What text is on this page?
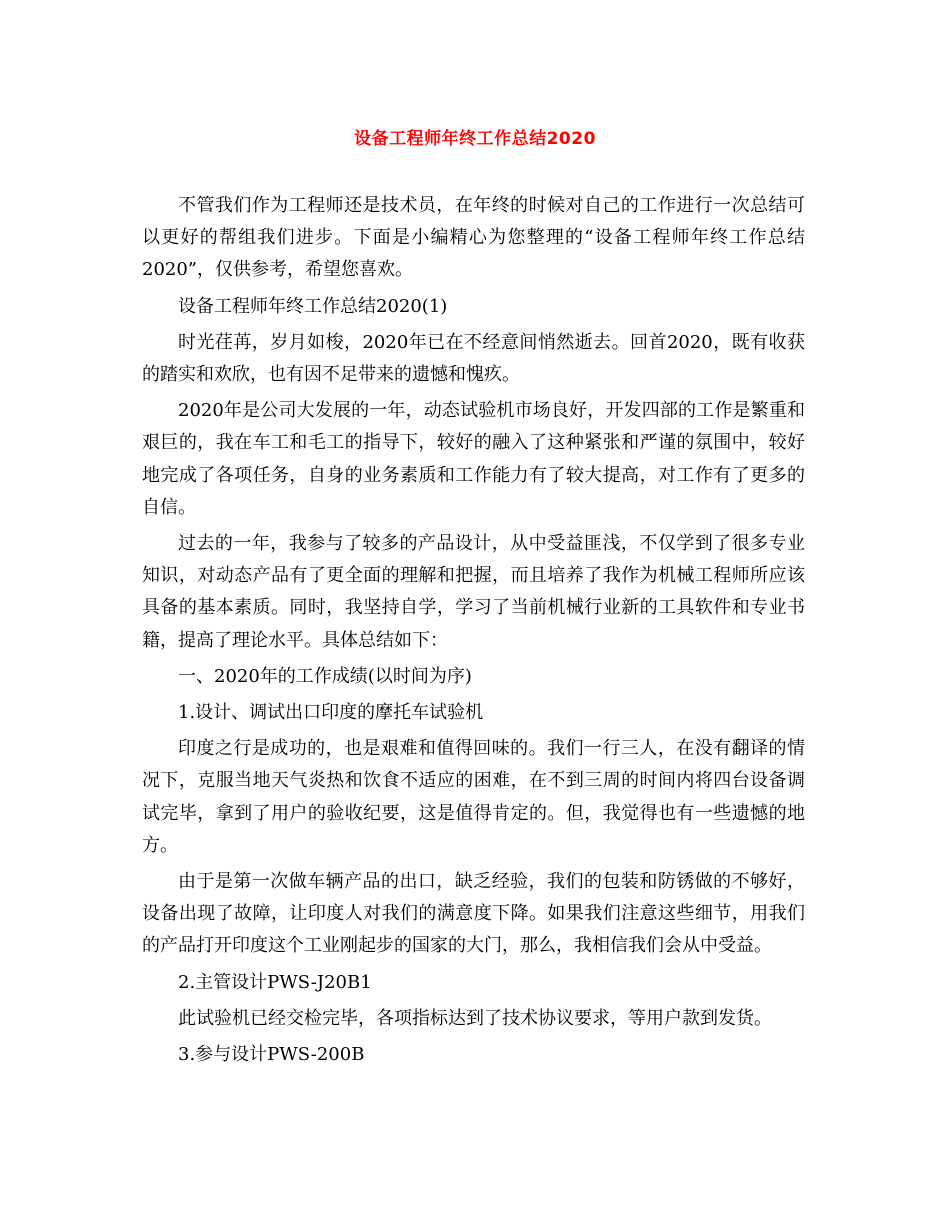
设备工程师年终工作总结2020

不管我们作为工程师还是技术员，在年终的时候对自己的工作进行一次总结可以更好的帮组我们进步。下面是小编精心为您整理的“设备工程师年终工作总结2020”，仅供参考，希望您喜欢。

设备工程师年终工作总结2020(1)

时光荏苒，岁月如梭，2020年已在不经意间悄然逝去。回首2020，既有收获的踏实和欢欣，也有因不足带来的遗憾和愧疚。

2020年是公司大发展的一年，动态试验机市场良好，开发四部的工作是繁重和艰巨的，我在车工和毛工的指导下，较好的融入了这种紧张和严谨的氛围中，较好地完成了各项任务，自身的业务素质和工作能力有了较大提高，对工作有了更多的自信。

过去的一年，我参与了较多的产品设计，从中受益匪浅，不仅学到了很多专业知识，对动态产品有了更全面的理解和把握，而且培养了我作为机械工程师所应该具备的基本素质。同时，我坚持自学，学习了当前机械行业新的工具软件和专业书籍，提高了理论水平。具体总结如下：

一、2020年的工作成绩(以时间为序)

1.设计、调试出口印度的摩托车试验机

印度之行是成功的，也是艰难和值得回味的。我们一行三人，在没有翻译的情况下，克服当地天气炎热和饮食不适应的困难，在不到三周的时间内将四台设备调试完毕，拿到了用户的验收纪要，这是值得肯定的。但，我觉得也有一些遗憾的地方。

由于是第一次做车辆产品的出口，缺乏经验，我们的包装和防锈做的不够好，设备出现了故障，让印度人对我们的满意度下降。如果我们注意这些细节，用我们的产品打开印度这个工业刚起步的国家的大门，那么，我相信我们会从中受益。

2.主管设计PWS-J20B1

此试验机已经交检完毕，各项指标达到了技术协议要求，等用户款到发货。

3.参与设计PWS-200B
